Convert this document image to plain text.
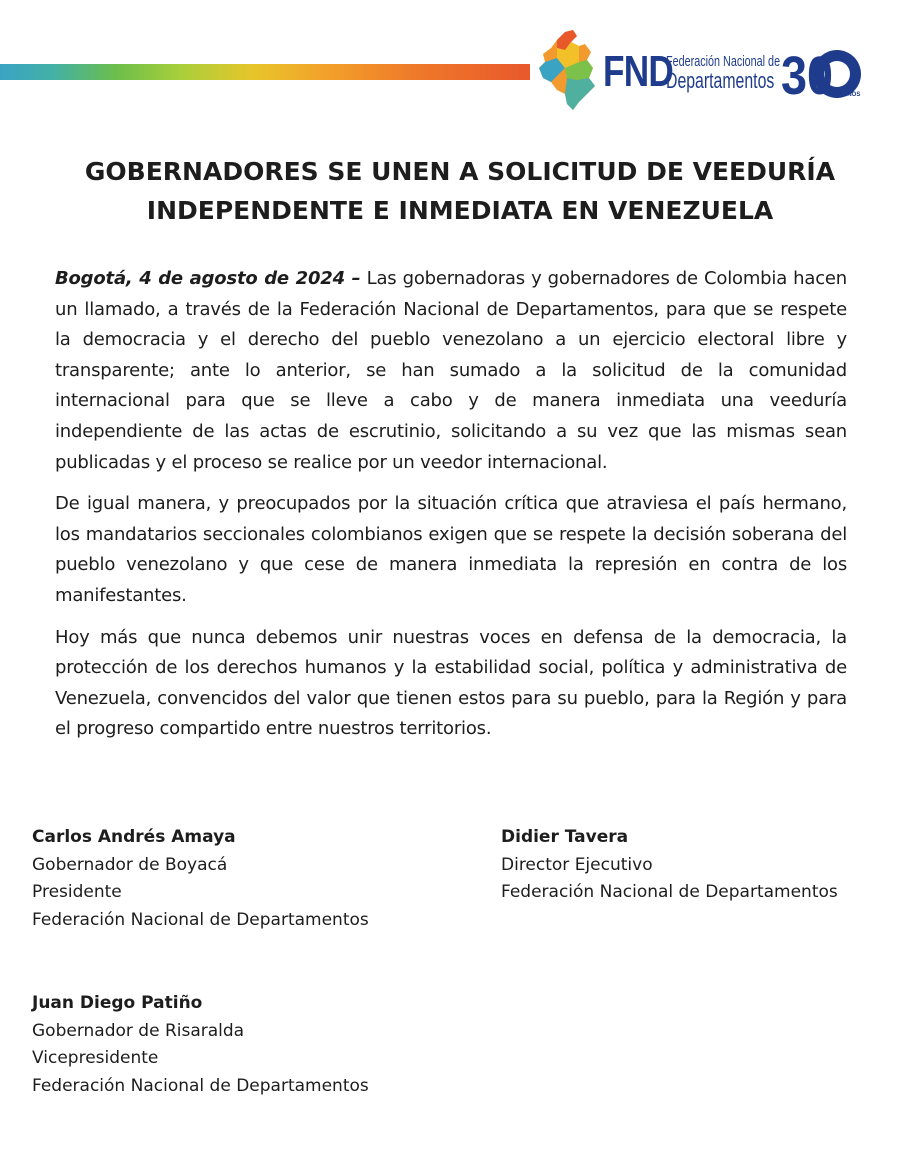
FND
Federación Nacional de
Departamentos 30 AÑOS
GOBERNADORES SE UNEN A SOLICITUD DE VEEDURÍA
INDEPENDENTE E INMEDIATA EN VENEZUELA

Bogotá, 4 de agosto de 2024 – Las gobernadoras y gobernadores de Colombia hacen un llamado, a través de la Federación Nacional de Departamentos, para que se respete la democracia y el derecho del pueblo venezolano a un ejercicio electoral libre y transparente; ante lo anterior, se han sumado a la solicitud de la comunidad internacional para que se lleve a cabo y de manera inmediata una veeduría independiente de las actas de escrutinio, solicitando a su vez que las mismas sean publicadas y el proceso se realice por un veedor internacional.

De igual manera, y preocupados por la situación crítica que atraviesa el país hermano, los mandatarios seccionales colombianos exigen que se respete la decisión soberana del pueblo venezolano y que cese de manera inmediata la represión en contra de los manifestantes.

Hoy más que nunca debemos unir nuestras voces en defensa de la democracia, la protección de los derechos humanos y la estabilidad social, política y administrativa de Venezuela, convencidos del valor que tienen estos para su pueblo, para la Región y para el progreso compartido entre nuestros territorios.

Carlos Andrés Amaya
Gobernador de Boyacá
Presidente
Federación Nacional de Departamentos
Didier Tavera
Director Ejecutivo
Federación Nacional de Departamentos
Juan Diego Patiño
Gobernador de Risaralda
Vicepresidente
Federación Nacional de Departamentos
